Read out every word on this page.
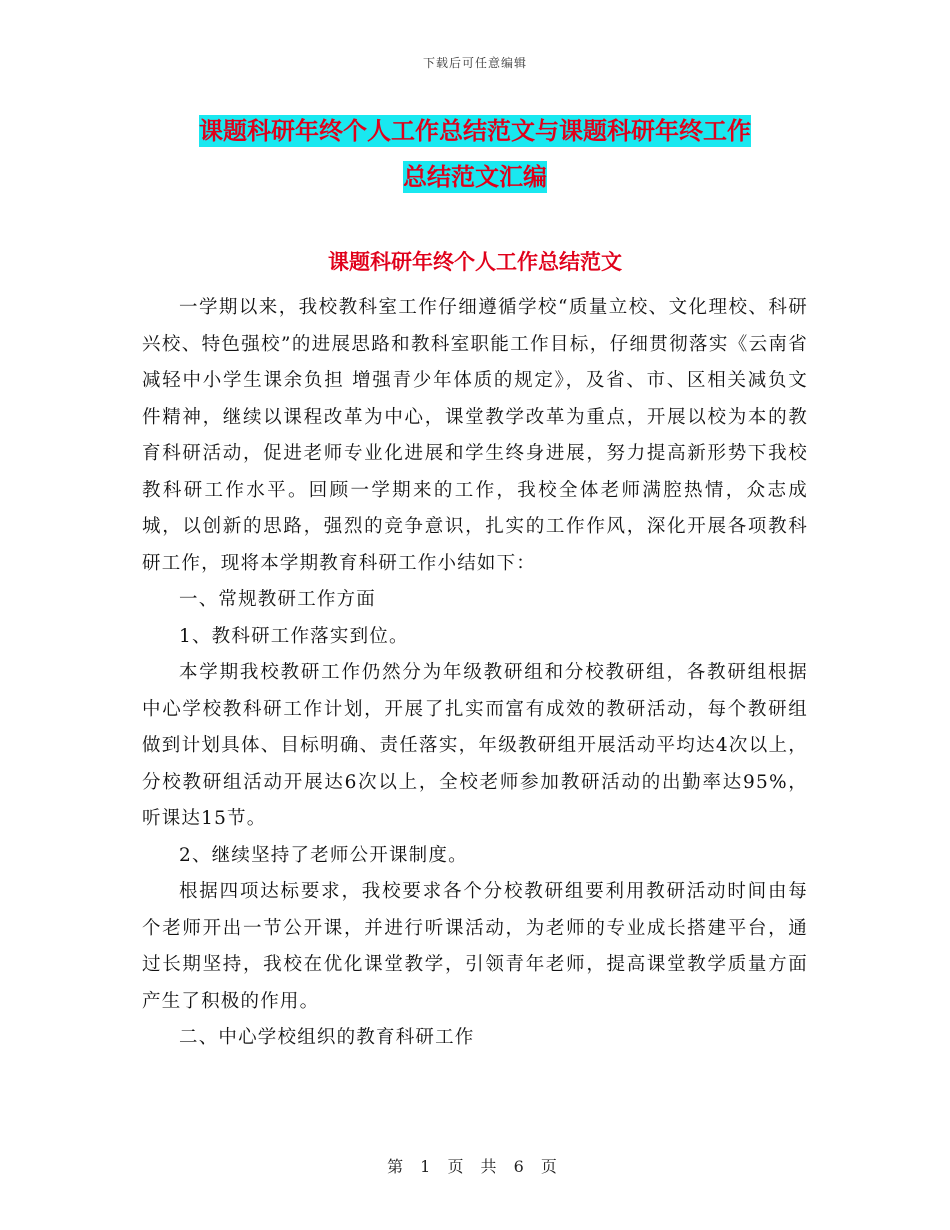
下载后可任意编辑
课题科研年终个人工作总结范文与课题科研年终工作
总结范文汇编
课题科研年终个人工作总结范文

一学期以来，我校教科室工作仔细遵循学校“质量立校、文化理校、科研兴校、特色强校”的进展思路和教科室职能工作目标，仔细贯彻落实《云南省减轻中小学生课余负担 增强青少年体质的规定》，及省、市、区相关减负文件精神，继续以课程改革为中心，课堂教学改革为重点，开展以校为本的教育科研活动，促进老师专业化进展和学生终身进展，努力提高新形势下我校教科研工作水平。回顾一学期来的工作，我校全体老师满腔热情，众志成城，以创新的思路，强烈的竞争意识，扎实的工作作风，深化开展各项教科研工作，现将本学期教育科研工作小结如下：

一、常规教研工作方面

1、教科研工作落实到位。

本学期我校教研工作仍然分为年级教研组和分校教研组，各教研组根据中心学校教科研工作计划，开展了扎实而富有成效的教研活动，每个教研组做到计划具体、目标明确、责任落实，年级教研组开展活动平均达4次以上，分校教研组活动开展达6次以上，全校老师参加教研活动的出勤率达95%，听课达15节。

2、继续坚持了老师公开课制度。

根据四项达标要求，我校要求各个分校教研组要利用教研活动时间由每个老师开出一节公开课，并进行听课活动，为老师的专业成长搭建平台，通过长期坚持，我校在优化课堂教学，引领青年老师，提高课堂教学质量方面产生了积极的作用。

二、中心学校组织的教育科研工作

第 1 页 共 6 页
